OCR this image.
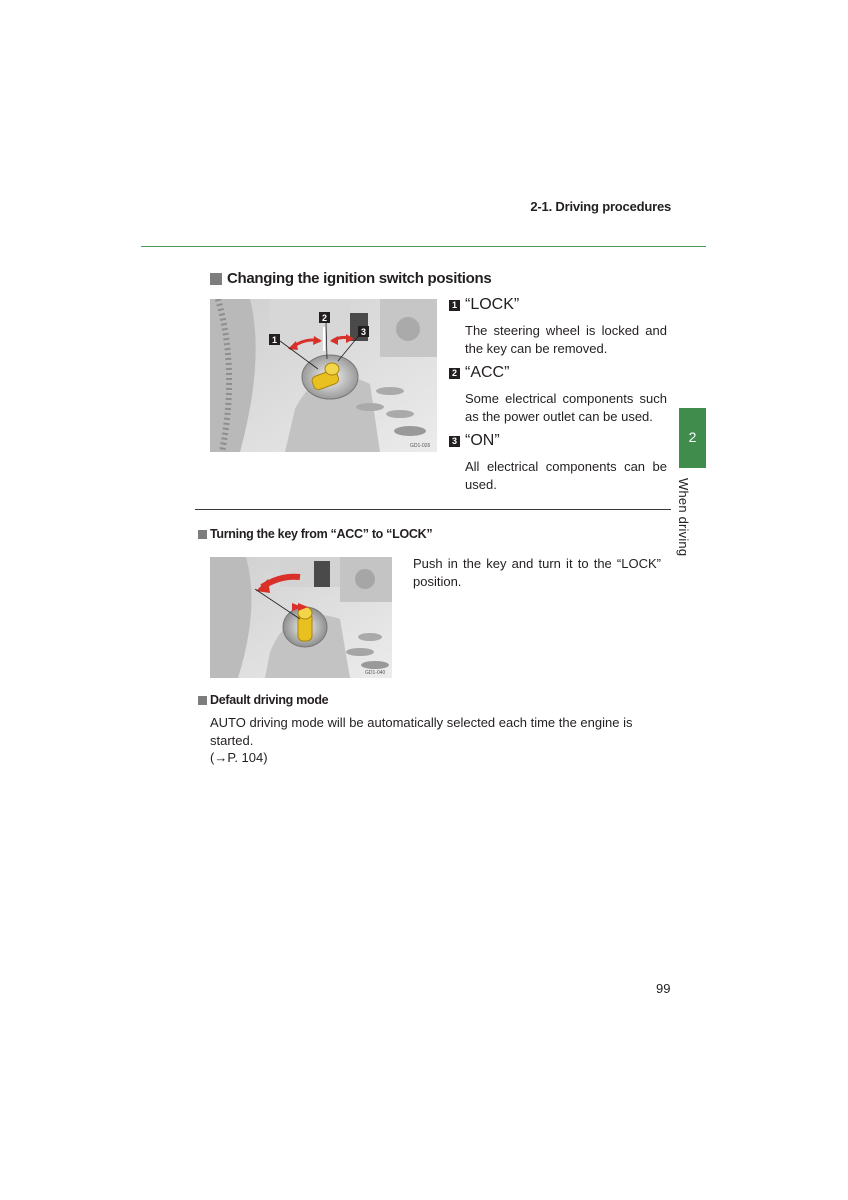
2-1. Driving procedures
2
When driving
Changing the ignition switch positions
1
2
3
GD1-026
1 “LOCK”
The steering wheel is locked and the key can be removed.
2 “ACC”
Some electrical components such as the power outlet can be used.
3 “ON”
All electrical components can be used.
Turning the key from “ACC” to “LOCK”
GD1-040
Push in the key and turn it to the “LOCK” position.
Default driving mode
AUTO driving mode will be automatically selected each time the engine is started.
(→P. 104)
99
